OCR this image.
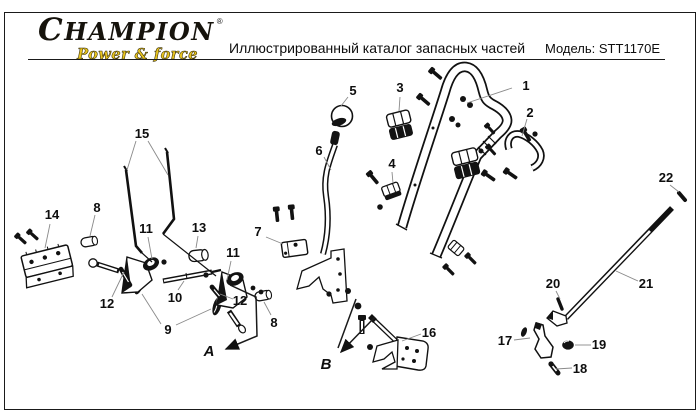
CHAMPION ®
Power & force Иллюстрированный каталог запасных частей Модель: STT1170E
1
2
3
4
5
6
7
8
8
9
10
11
11
12	12
13
14
15
16
17
18
19
20	21
22
A
B
